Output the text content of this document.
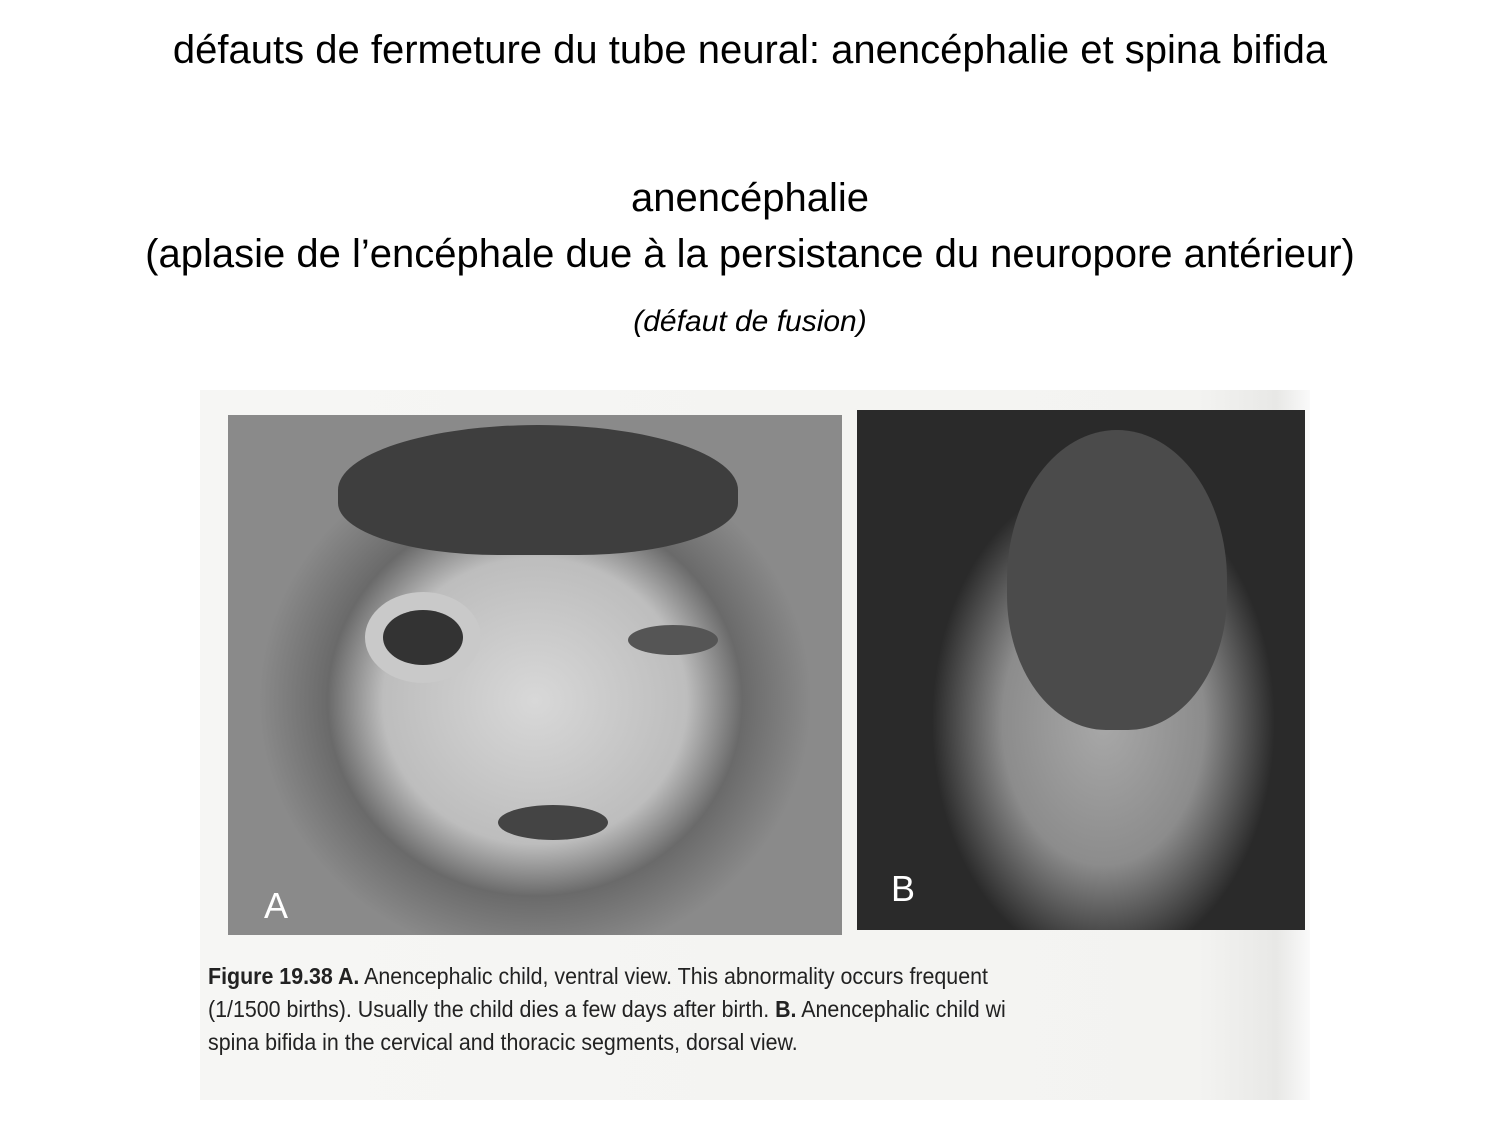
défauts de fermeture du tube neural: anencéphalie et spina bifida
anencéphalie
(aplasie de l’encéphale due à la persistance du neuropore antérieur)
(défaut de fusion)
A	B
Figure 19.38 A. Anencephalic child, ventral view. This abnormality occurs frequent
(1/1500 births). Usually the child dies a few days after birth. B. Anencephalic child wi
spina bifida in the cervical and thoracic segments, dorsal view.
